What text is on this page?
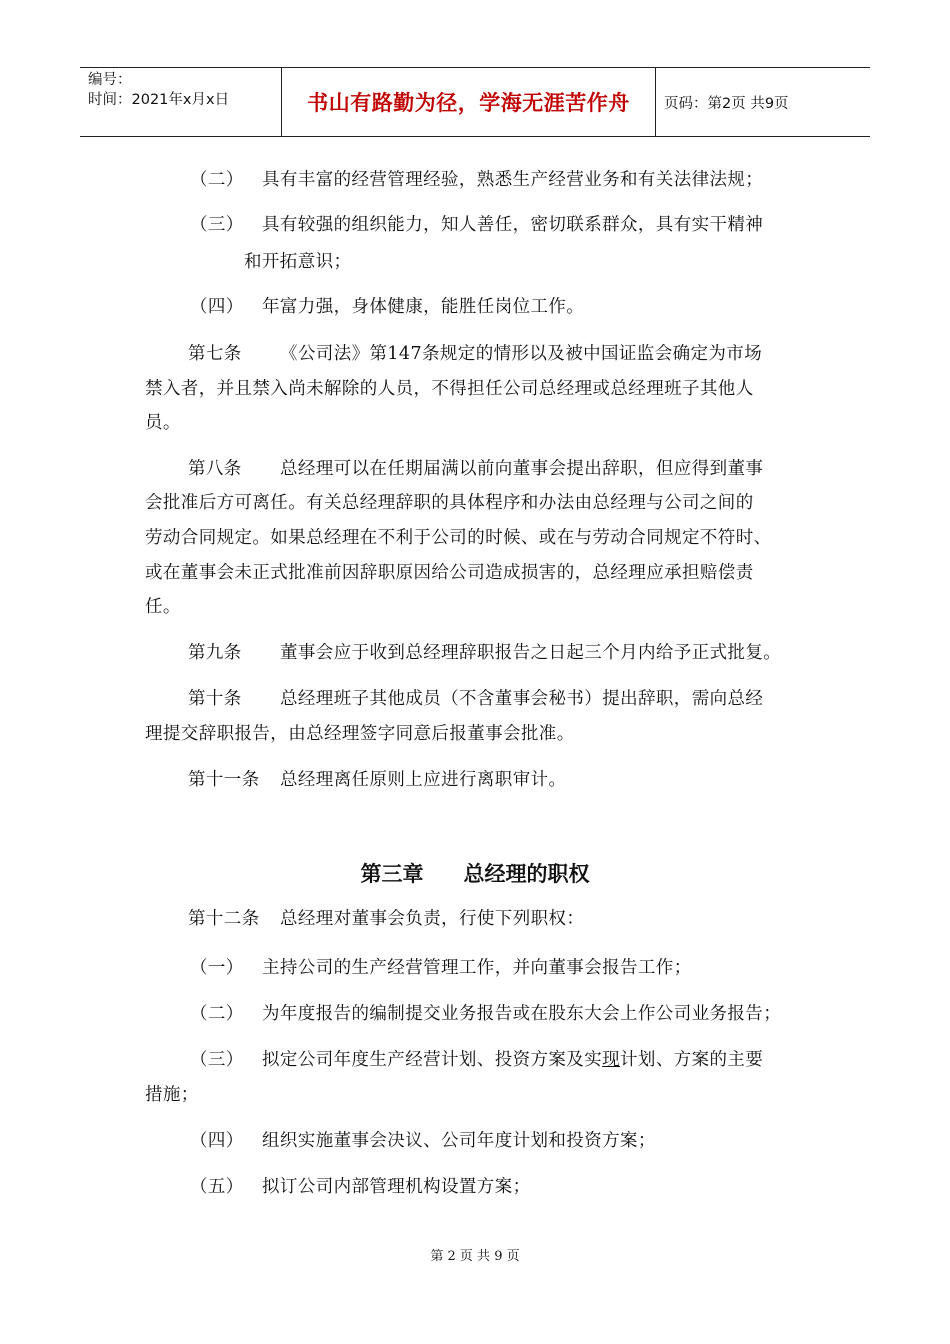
编号：
时间：2021年x月x日	书山有路勤为径，学海无涯苦作舟	页码：第2页 共9页
（二） 具有丰富的经营管理经验，熟悉生产经营业务和有关法律法规；
（三） 具有较强的组织能力，知人善任，密切联系群众，具有实干精神
和开拓意识；
（四） 年富力强，身体健康，能胜任岗位工作。
第七条 《公司法》第147条规定的情形以及被中国证监会确定为市场
禁入者，并且禁入尚未解除的人员，不得担任公司总经理或总经理班子其他人
员。
第八条 总经理可以在任期届满以前向董事会提出辞职，但应得到董事
会批准后方可离任。有关总经理辞职的具体程序和办法由总经理与公司之间的
劳动合同规定。如果总经理在不利于公司的时候、或在与劳动合同规定不符时、
或在董事会未正式批准前因辞职原因给公司造成损害的，总经理应承担赔偿责
任。
第九条 董事会应于收到总经理辞职报告之日起三个月内给予正式批复。
第十条 总经理班子其他成员（不含董事会秘书）提出辞职，需向总经
理提交辞职报告，由总经理签字同意后报董事会批准。
第十一条 总经理离任原则上应进行离职审计。
第三章 总经理的职权
第十二条 总经理对董事会负责，行使下列职权：
（一） 主持公司的生产经营管理工作，并向董事会报告工作；
（二） 为年度报告的编制提交业务报告或在股东大会上作公司业务报告；
（三） 拟定公司年度生产经营计划、投资方案及实现计划、方案的主要
措施；
（四） 组织实施董事会决议、公司年度计划和投资方案；
（五） 拟订公司内部管理机构设置方案；
第 2 页 共 9 页
